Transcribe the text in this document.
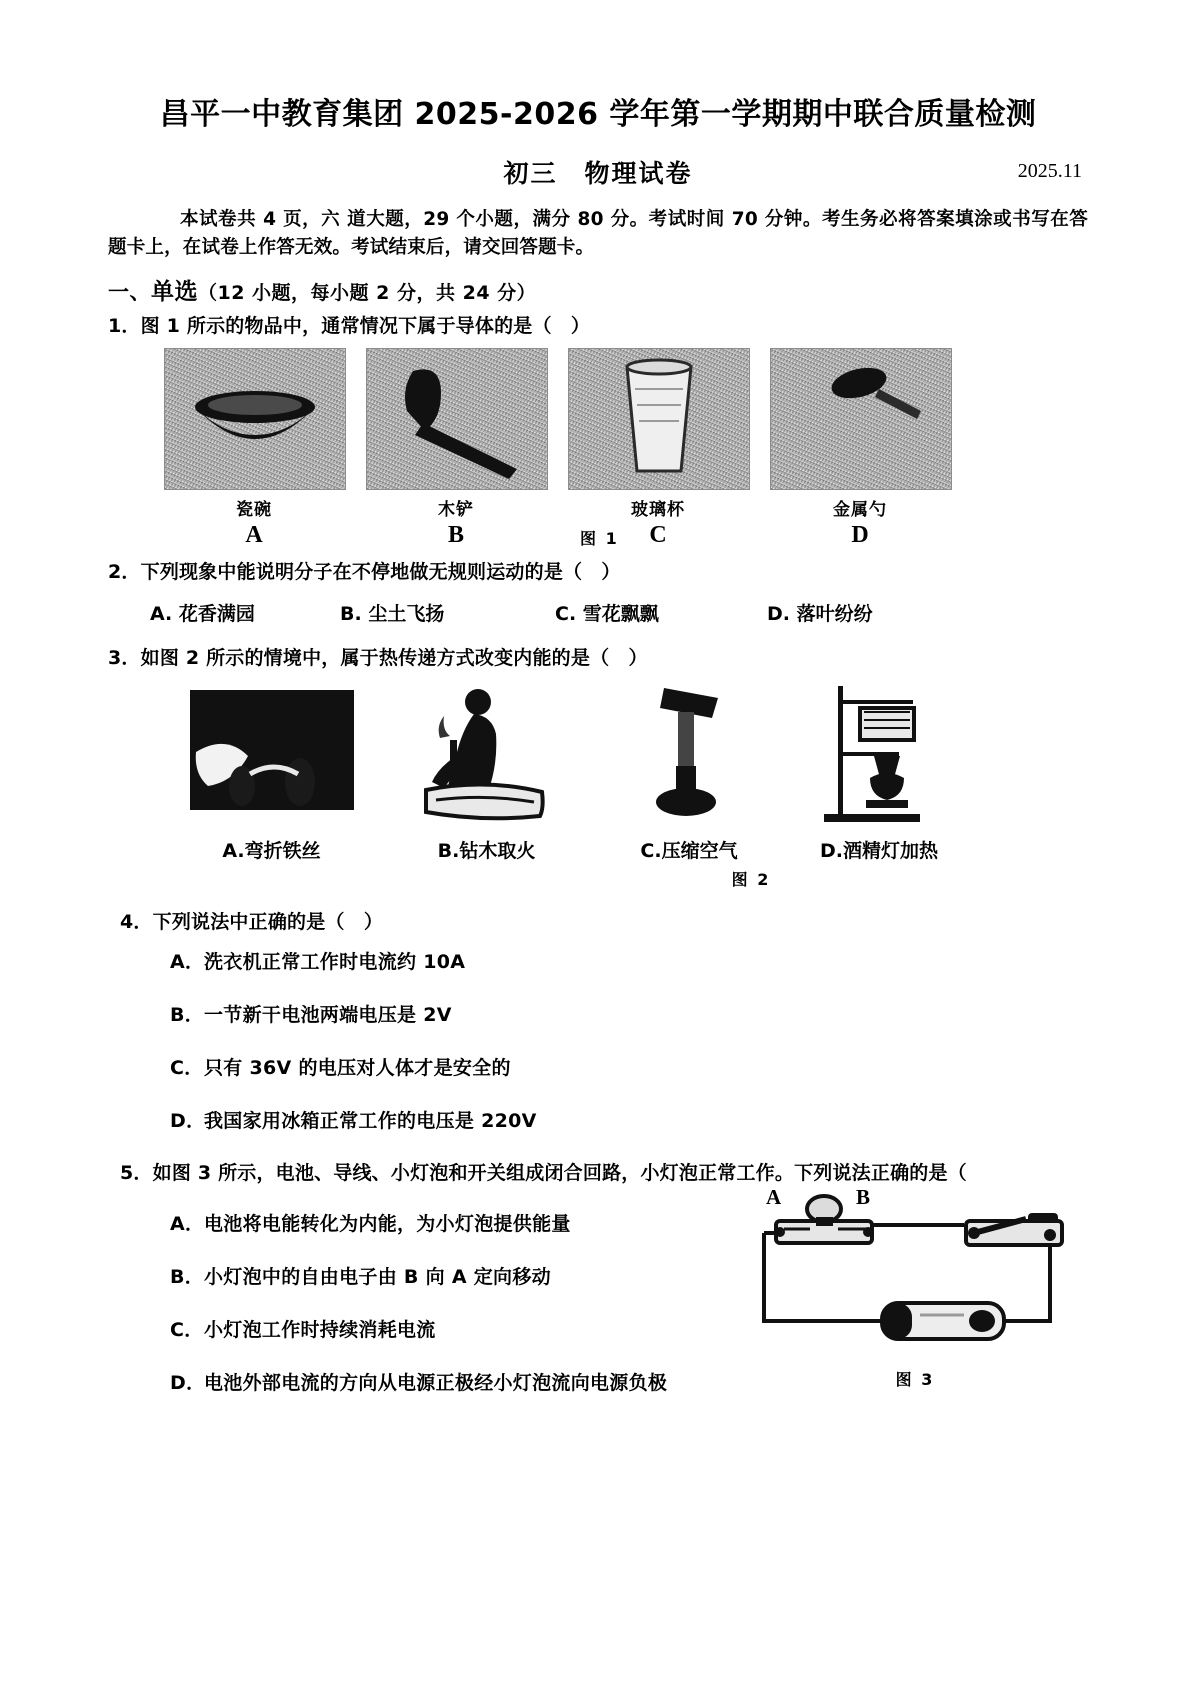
昌平一中教育集团 2025-2026 学年第一学期期中联合质量检测
初三　物理试卷	2025.11
本试卷共 4 页，六 道大题，29 个小题，满分 80 分。考试时间 70 分钟。考生务必将答案填涂或书写在答题卡上，在试卷上作答无效。考试结束后，请交回答题卡。
一、单选（12 小题，每小题 2 分，共 24 分）
1．图 1 所示的物品中，通常情况下属于导体的是（　）
瓷碗	木铲	玻璃杯	金属勺
A	B	C	D
图 1
2．下列现象中能说明分子在不停地做无规则运动的是（　）
A. 花香满园	B. 尘土飞扬	C. 雪花飘飘	D. 落叶纷纷
3．如图 2 所示的情境中，属于热传递方式改变内能的是（　）
A.弯折铁丝	B.钻木取火	C.压缩空气	D.酒精灯加热
图 2
4．下列说法中正确的是（　）
A．洗衣机正常工作时电流约 10A
B．一节新干电池两端电压是 2V
C．只有 36V 的电压对人体才是安全的
D．我国家用冰箱正常工作的电压是 220V
5．如图 3 所示，电池、导线、小灯泡和开关组成闭合回路，小灯泡正常工作。下列说法正确的是（
A．电池将电能转化为内能，为小灯泡提供能量
B．小灯泡中的自由电子由 B 向 A 定向移动
C．小灯泡工作时持续消耗电流
D．电池外部电流的方向从电源正极经小灯泡流向电源负极
A	B
图 3
